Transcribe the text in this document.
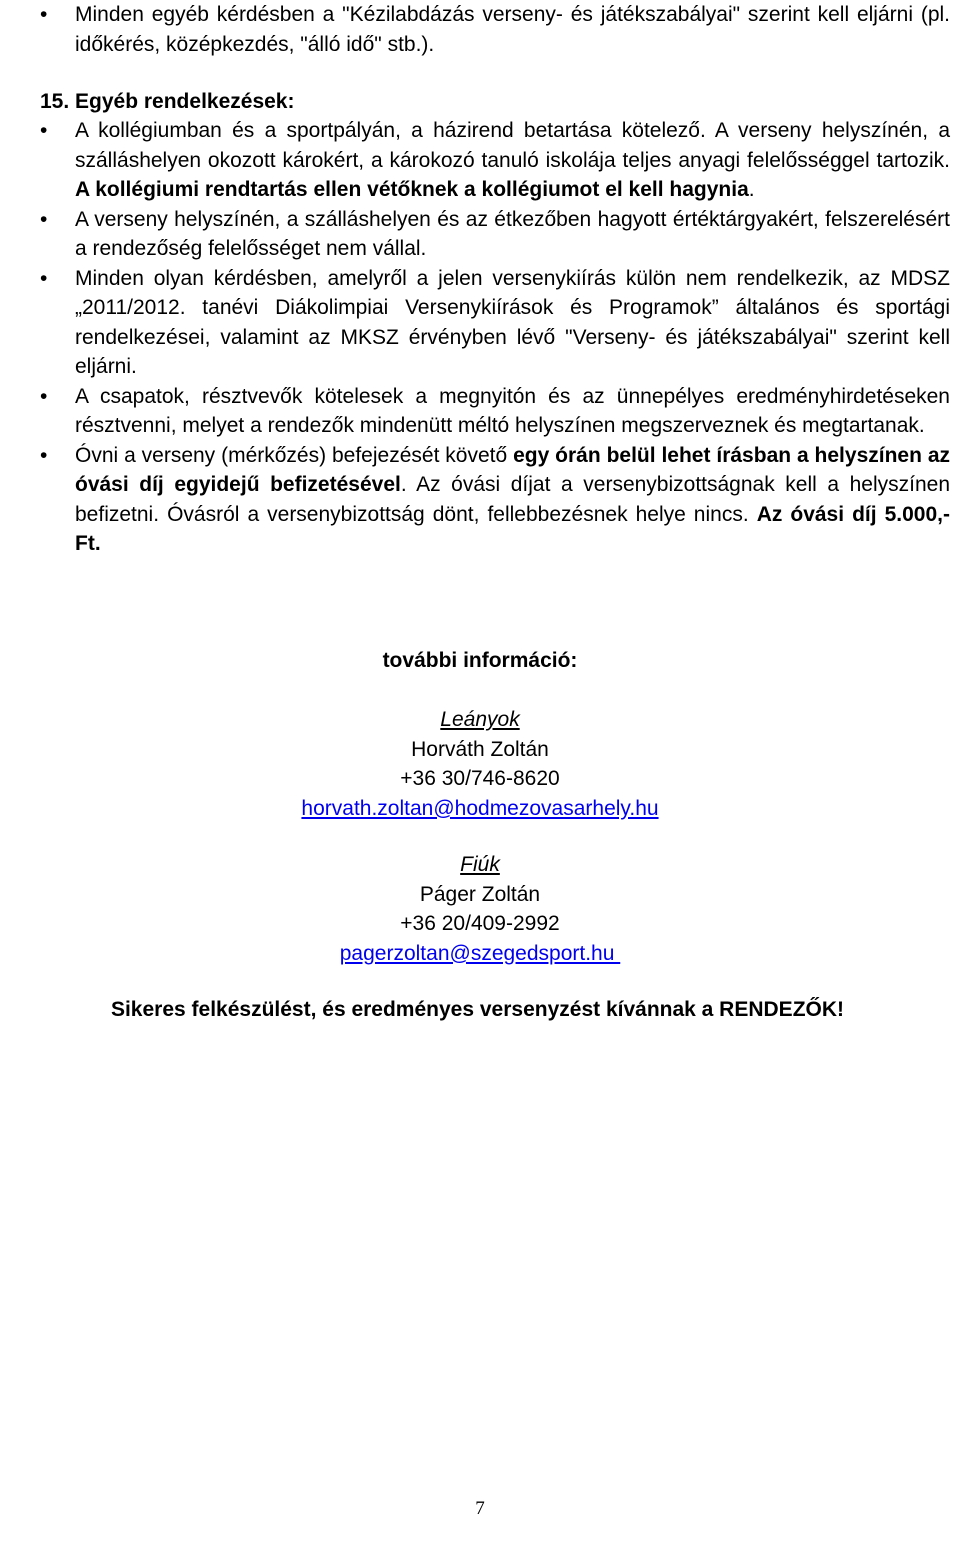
• Minden egyéb kérdésben a "Kézilabdázás verseny- és játékszabályai" szerint kell eljárni (pl. időkérés, középkezdés, "álló idő" stb.).
15. Egyéb rendelkezések:
• A kollégiumban és a sportpályán, a házirend betartása kötelező. A verseny helyszínén, a szálláshelyen okozott károkért, a károkozó tanuló iskolája teljes anyagi felelősséggel tartozik. A kollégiumi rendtartás ellen vétőknek a kollégiumot el kell hagynia.
• A verseny helyszínén, a szálláshelyen és az étkezőben hagyott értéktárgyakért, felszerelésért a rendezőség felelősséget nem vállal.
• Minden olyan kérdésben, amelyről a jelen versenykiírás külön nem rendelkezik, az MDSZ „2011/2012. tanévi Diákolimpiai Versenykiírások és Programok” általános és sportági rendelkezései, valamint az MKSZ érvényben lévő "Verseny- és játékszabályai" szerint kell eljárni.
• A csapatok, résztvevők kötelesek a megnyitón és az ünnepélyes eredményhirdetéseken résztvenni, melyet a rendezők mindenütt méltó helyszínen megszerveznek és megtartanak.
• Óvni a verseny (mérkőzés) befejezését követő egy órán belül lehet írásban a helyszínen az óvási díj egyidejű befizetésével. Az óvási díjat a versenybizottságnak kell a helyszínen befizetni. Óvásról a versenybizottság dönt, fellebbezésnek helye nincs. Az óvási díj 5.000,-Ft.
további információ:
Leányok
Horváth Zoltán
+36 30/746-8620
horvath.zoltan@hodmezovasarhely.hu
Fiúk
Páger Zoltán
+36 20/409-2992
pagerzoltan@szegedsport.hu
Sikeres felkészülést, és eredményes versenyzést kívánnak a RENDEZŐK!
7
